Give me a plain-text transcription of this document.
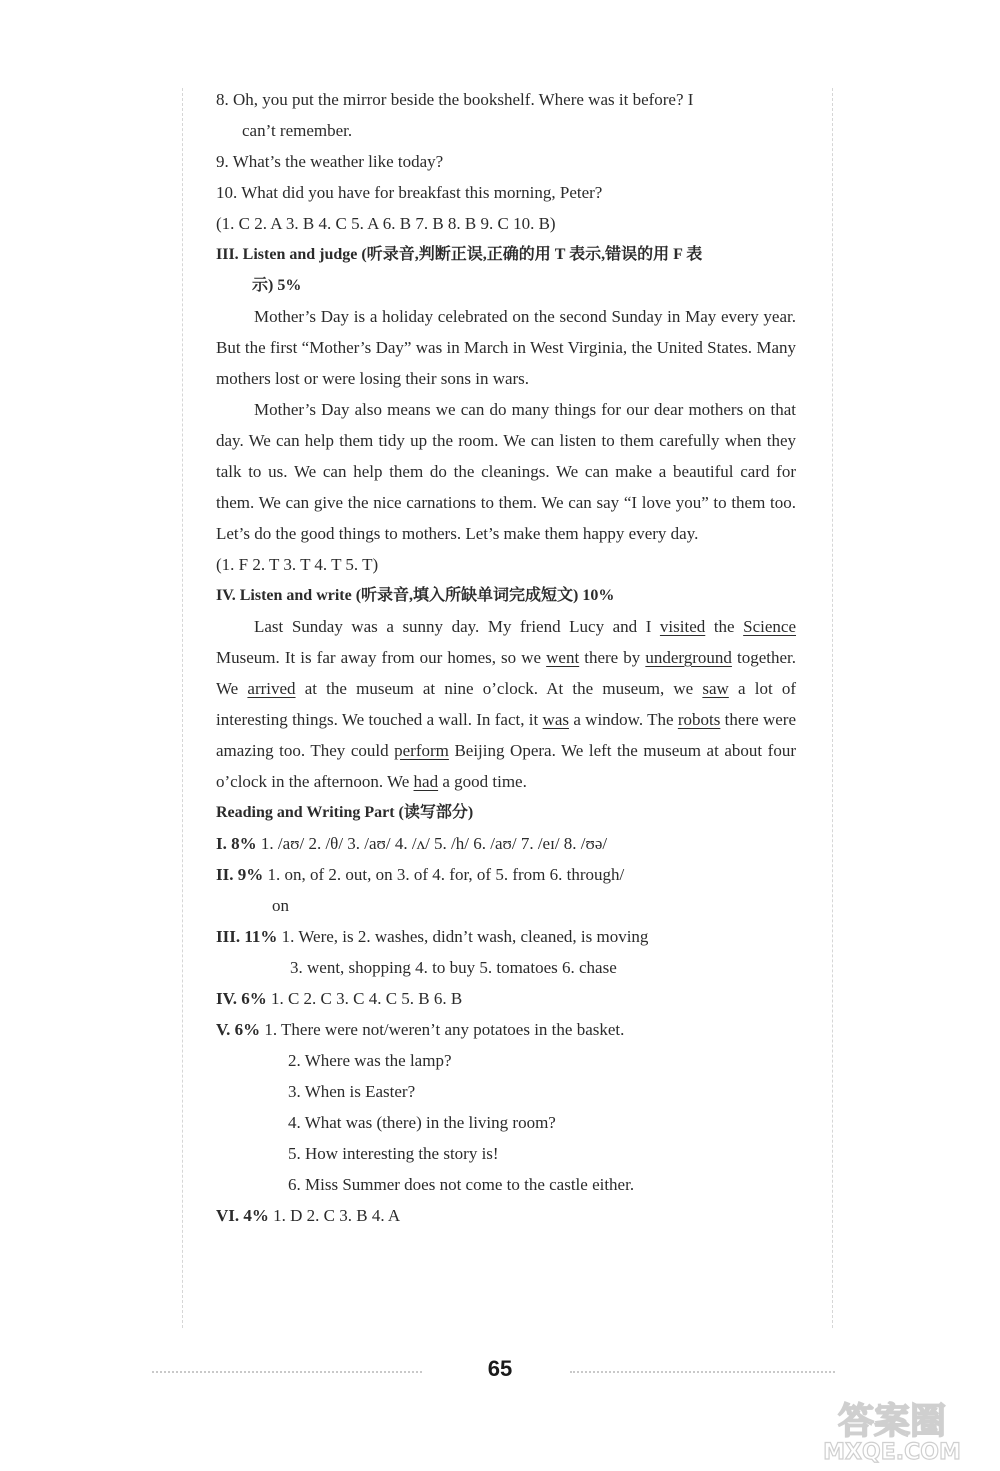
8. Oh, you put the mirror beside the bookshelf. Where was it before? I

can’t remember.

9. What’s the weather like today?

10. What did you have for breakfast this morning, Peter?

(1. C 2. A 3. B 4. C 5. A 6. B 7. B 8. B 9. C 10. B)

III. Listen and judge (听录音,判断正误,正确的用 T 表示,错误的用 F 表

示) 5%

Mother’s Day is a holiday celebrated on the second Sunday in May every year. But the first “Mother’s Day” was in March in West Virginia, the United States. Many mothers lost or were losing their sons in wars.

Mother’s Day also means we can do many things for our dear mothers on that day. We can help them tidy up the room. We can listen to them carefully when they talk to us. We can help them do the cleanings. We can make a beautiful card for them. We can give the nice carnations to them. We can say “I love you” to them too. Let’s do the good things to mothers. Let’s make them happy every day.

(1. F 2. T 3. T 4. T 5. T)

IV. Listen and write (听录音,填入所缺单词完成短文) 10%

Last Sunday was a sunny day. My friend Lucy and I visited the Science Museum. It is far away from our homes, so we went there by underground together. We arrived at the museum at nine o’clock. At the museum, we saw a lot of interesting things. We touched a wall. In fact, it was a window. The robots there were amazing too. They could perform Beijing Opera. We left the museum at about four o’clock in the afternoon. We had a good time.

Reading and Writing Part (读写部分)

I. 8% 1. /aʊ/ 2. /θ/ 3. /aʊ/ 4. /ʌ/ 5. /h/ 6. /aʊ/ 7. /eɪ/ 8. /ʊə/

II. 9% 1. on, of 2. out, on 3. of 4. for, of 5. from 6. through/

on

III. 11% 1. Were, is 2. washes, didn’t wash, cleaned, is moving

3. went, shopping 4. to buy 5. tomatoes 6. chase

IV. 6% 1. C 2. C 3. C 4. C 5. B 6. B

V. 6% 1. There were not/weren’t any potatoes in the basket.

2. Where was the lamp?

3. When is Easter?

4. What was (there) in the living room?

5. How interesting the story is!

6. Miss Summer does not come to the castle either.

VI. 4% 1. D 2. C 3. B 4. A

65
答案圈
MXQE.COM
